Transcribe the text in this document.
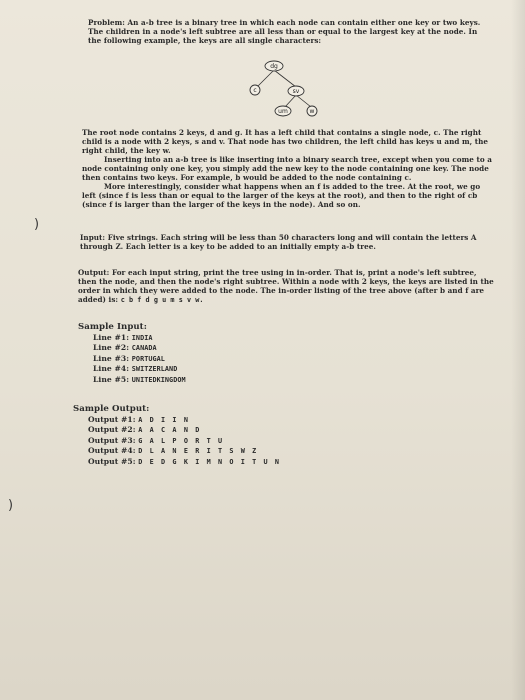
Problem: An a-b tree is a binary tree in which each node can contain either one key or two keys. The children in a node's left subtree are all less than or equal to the largest key at the node. In the following example, the keys are all single characters:
dg
c	sv
um	w

The root node contains 2 keys, d and g. It has a left child that contains a single node, c. The right child is a node with 2 keys, s and v. That node has two children, the left child has keys u and m, the right child, the key w.

Inserting into an a-b tree is like inserting into a binary search tree, except when you come to a node containing only one key, you simply add the new key to the node containing one key. The node then contains two keys. For example, b would be added to the node containing c.

More interestingly, consider what happens when an f is added to the tree. At the root, we go left (since f is less than or equal to the larger of the keys at the root), and then to the right of cb (since f is larger than the larger of the keys in the node). And so on.

Input: Five strings. Each string will be less than 50 characters long and will contain the letters A through Z. Each letter is a key to be added to an initially empty a-b tree.
Output: For each input string, print the tree using in in-order. That is, print a node's left subtree, then the node, and then the node's right subtree. Within a node with 2 keys, the keys are listed in the order in which they were added to the node. The in-order listing of the tree above (after b and f are added) is: c b f d g u m s v w.
Sample Input:
Line #1: INDIA
Line #2: CANADA
Line #3: PORTUGAL
Line #4: SWITZERLAND
Line #5: UNITEDKINGDOM
Sample Output:
Output #1: A D I I N
Output #2: A A C A N D
Output #3: G A L P O R T U
Output #4: D L A N E R I T S W Z
Output #5: D E D G K I M N O I T U N
)
)
